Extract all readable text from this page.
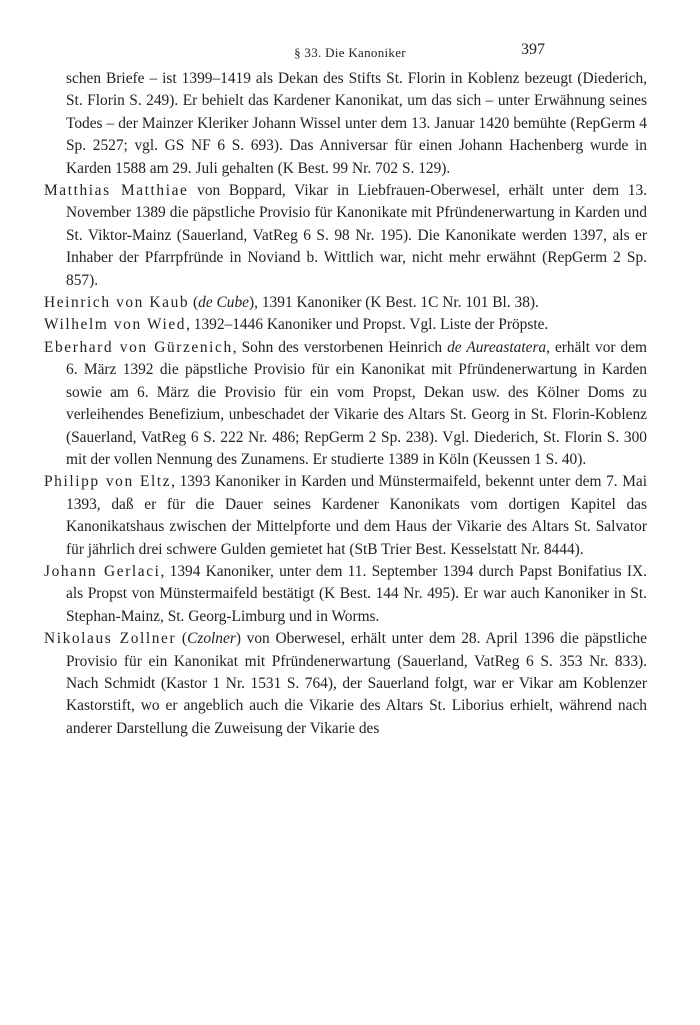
§ 33. Die Kanoniker	397

schen Briefe – ist 1399–1419 als Dekan des Stifts St. Florin in Koblenz bezeugt (Diederich, St. Florin S. 249). Er behielt das Kardener Kanonikat, um das sich – unter Erwähnung seines Todes – der Mainzer Kleriker Johann Wissel unter dem 13. Januar 1420 bemühte (RepGerm 4 Sp. 2527; vgl. GS NF 6 S. 693). Das Anniversar für einen Johann Hachenberg wurde in Karden 1588 am 29. Juli gehalten (K Best. 99 Nr. 702 S. 129).

Matthias Matthiae von Boppard, Vikar in Liebfrauen-Oberwesel, erhält unter dem 13. November 1389 die päpstliche Provisio für Kanonikate mit Pfründenerwartung in Karden und St. Viktor-Mainz (Sauerland, VatReg 6 S. 98 Nr. 195). Die Kanonikate werden 1397, als er Inhaber der Pfarrpfründe in Noviand b. Wittlich war, nicht mehr erwähnt (RepGerm 2 Sp. 857).

Heinrich von Kaub (de Cube), 1391 Kanoniker (K Best. 1C Nr. 101 Bl. 38).

Wilhelm von Wied, 1392–1446 Kanoniker und Propst. Vgl. Liste der Pröpste.

Eberhard von Gürzenich, Sohn des verstorbenen Heinrich de Aureastatera, erhält vor dem 6. März 1392 die päpstliche Provisio für ein Kanonikat mit Pfründenerwartung in Karden sowie am 6. März die Provisio für ein vom Propst, Dekan usw. des Kölner Doms zu verleihendes Benefizium, unbeschadet der Vikarie des Altars St. Georg in St. Florin-Koblenz (Sauerland, VatReg 6 S. 222 Nr. 486; RepGerm 2 Sp. 238). Vgl. Diederich, St. Florin S. 300 mit der vollen Nennung des Zunamens. Er studierte 1389 in Köln (Keussen 1 S. 40).

Philipp von Eltz, 1393 Kanoniker in Karden und Münstermaifeld, bekennt unter dem 7. Mai 1393, daß er für die Dauer seines Kardener Kanonikats vom dortigen Kapitel das Kanonikatshaus zwischen der Mittelpforte und dem Haus der Vikarie des Altars St. Salvator für jährlich drei schwere Gulden gemietet hat (StB Trier Best. Kesselstatt Nr. 8444).

Johann Gerlaci, 1394 Kanoniker, unter dem 11. September 1394 durch Papst Bonifatius IX. als Propst von Münstermaifeld bestätigt (K Best. 144 Nr. 495). Er war auch Kanoniker in St. Stephan-Mainz, St. Georg-Limburg und in Worms.

Nikolaus Zollner (Czolner) von Oberwesel, erhält unter dem 28. April 1396 die päpstliche Provisio für ein Kanonikat mit Pfründenerwartung (Sauerland, VatReg 6 S. 353 Nr. 833). Nach Schmidt (Kastor 1 Nr. 1531 S. 764), der Sauerland folgt, war er Vikar am Koblenzer Kastorstift, wo er angeblich auch die Vikarie des Altars St. Liborius erhielt, während nach anderer Darstellung die Zuweisung der Vikarie des
